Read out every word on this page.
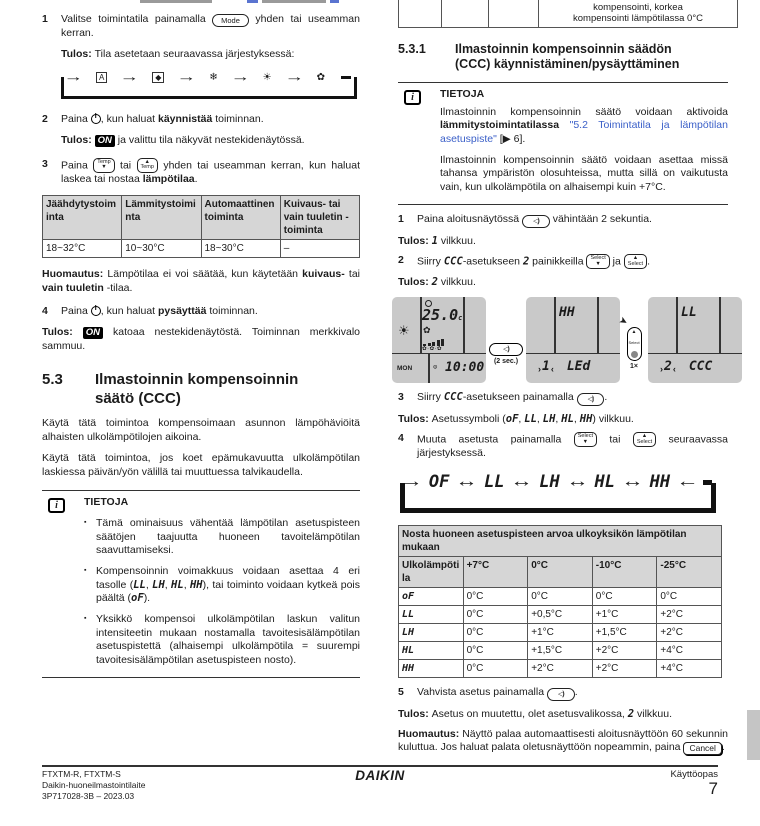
1	Valitse toimintatila painamalla Mode yhden tai useamman kerran.
Tulos: Tila asetetaan seuraavassa järjestyksessä:
→	A →	◆ → ❄ → ☀ → ✿
2	Paina , kun haluat käynnistää toiminnan.
Tulos: ON ja valittu tila näkyvät nestekidenäytössä.
3	Paina Temp
▼ tai ▲
Temp yhden tai useamman kerran, kun haluat laskea tai nostaa lämpötilaa.
Jäähdytystoiminta	Lämmitystoiminta	Automaattinen toiminta	Kuivaus- tai vain tuuletin -toiminta
18~32°C	10~30°C	18~30°C	–
Huomautus: Lämpötilaa ei voi säätää, kun käytetään kuivaus- tai vain tuuletin -tilaa.
4	Paina , kun haluat pysäyttää toiminnan.
Tulos: ON katoaa nestekidenäytöstä. Toiminnan merkkivalo sammuu.
5.3	Ilmastoinnin kompensoinnin säätö (CCC)
Käytä tätä toimintoa kompensoimaan asunnon lämpöhäviöitä alhaisten ulkolämpötilojen aikoina.
Käytä tätä toimintoa, jos koet epämukavuutta ulkolämpötilan laskiessa päivän/yön välillä tai muuttuessa talvikaudella.
i	TIETOJA
▪ Tämä ominaisuus vähentää lämpötilan asetuspisteen säätöjen taajuutta huoneen tavoitelämpötilan saavuttamiseksi.
▪ Kompensoinnin voimakkuus voidaan asettaa 4 eri tasolle (LL, LH, HL, HH), tai toiminto voidaan kytkeä pois päältä (oF).
▪ Yksikkö kompensoi ulkolämpötilan laskun valitun intensiteetin mukaan nostamalla tavoitesisälämpötilan asetuspistettä (alhaisempi ulkolämpötila = suurempi tavoitesisälämpötilan asetuspisteen nosto).

kompensointi, korkea
kompensointi lämpötilassa 0°C
5.3.1	Ilmastoinnin kompensoinnin säädön (CCC) käynnistäminen/pysäyttäminen
i	TIETOJA
Ilmastoinnin kompensoinnin säätö voidaan aktivoida lämmitystoimintatilassa "5.2 Toimintatila ja lämpötilan asetuspiste" [▶ 6].
Ilmastoinnin kompensoinnin säätö voidaan asettaa missä tahansa ympäristön olosuhteissa, mutta sillä on vaikutusta vain, kun ulkolämpötila on alhaisempi kuin +7°C.
1	Paina aloitusnäytössä ◁) vähintään 2 sekuntia.
Tulos: 1 vilkkuu.
2	Siirry CCC-asetukseen 2 painikkeilla Select
▼ ja ▲
Select .
Tulos: 2 vilkkuu.
☀
25.0c
✿
✿·✿·✿
MON	⊙ 10:00
◁)
(2 sec.)
HH
› 1 ‹ LEd
▲
Select
➤
1×
LL
› 2 ‹ CCC
3	Siirry CCC-asetukseen painamalla ◁) .
Tulos: Asetussymboli (oF, LL, LH, HL, HH) vilkkuu.
4	Muuta asetusta painamalla Select
▼ tai ▲
Select seuraavassa järjestyksessä.
→ OF ↔ LL ↔ LH ↔ HL ↔ HH ←
Nosta huoneen asetuspisteen arvoa ulkoyksikön lämpötilan mukaan				
Ulkolämpötila	+7°C	0°C	-10°C	-25°C
oF	0°C	0°C	0°C	0°C
LL	0°C	+0,5°C	+1°C	+2°C
LH	0°C	+1°C	+1,5°C	+2°C
HL	0°C	+1,5°C	+2°C	+4°C
HH	0°C	+2°C	+2°C	+4°C
5	Vahvista asetus painamalla ◁) .
Tulos: Asetus on muutettu, olet asetusvalikossa, 2 vilkkuu.
Huomautus: Näyttö palaa automaattisesti aloitusnäyttöön 60 sekunnin kuluttua. Jos haluat palata oletusnäyttöön nopeammin, paina Cancel .
FTXTM-R, FTXTM-S
Daikin-huoneilmastointilaite
3P717028-3B – 2023.03
DAIKIN	Käyttöopas
7
